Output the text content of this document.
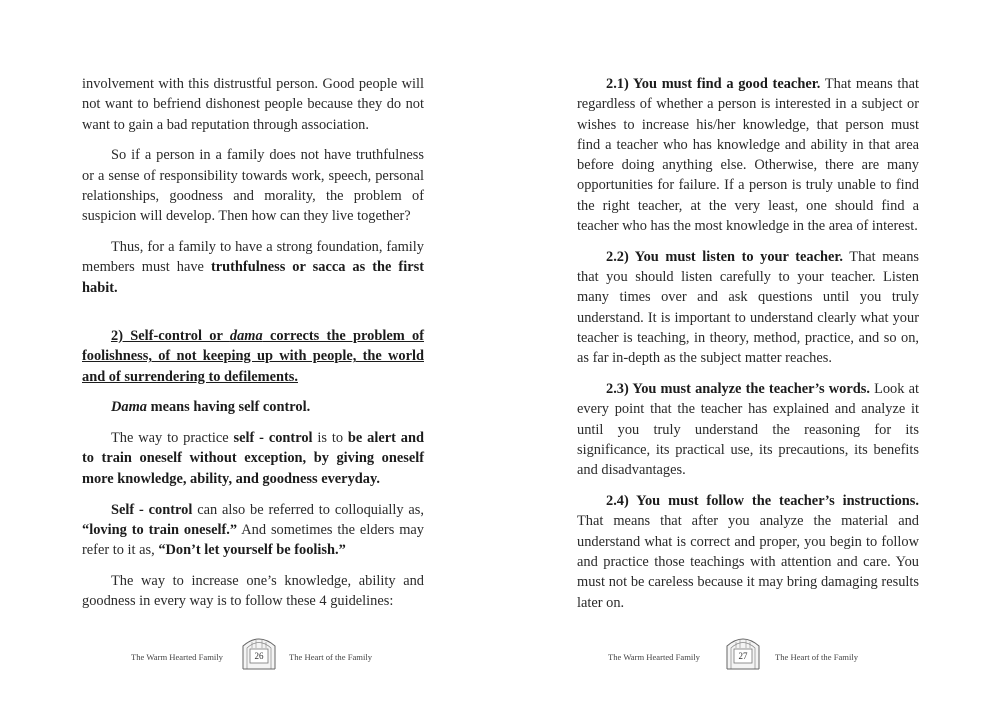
involvement with this distrustful person. Good people will not want to befriend dishonest people because they do not want to gain a bad reputation through association.

So if a person in a family does not have truthfulness or a sense of responsibility towards work, speech, personal relationships, goodness and morality, the problem of suspicion will develop. Then how can they live together?

Thus, for a family to have a strong foundation, family members must have truthfulness or sacca as the first habit.

2) Self-control or dama corrects the problem of foolishness, of not keeping up with people, the world and of surrendering to defilements.

Dama means having self control.

The way to practice self - control is to be alert and to train oneself without exception, by giving oneself more knowledge, ability, and goodness everyday.

Self - control can also be referred to colloquially as, “loving to train oneself.” And sometimes the elders may refer to it as, “Don’t let yourself be foolish.”

The way to increase one’s knowledge, ability and goodness in every way is to follow these 4 guidelines:

The Warm Hearted Family	26	The Heart of the Family

2.1) You must find a good teacher. That means that regardless of whether a person is interested in a subject or wishes to increase his/her knowledge, that person must find a teacher who has knowledge and ability in that area before doing anything else. Otherwise, there are many opportunities for failure. If a person is truly unable to find the right teacher, at the very least, one should find a teacher who has the most knowledge in the area of interest.

2.2) You must listen to your teacher. That means that you should listen carefully to your teacher. Listen many times over and ask questions until you truly understand. It is important to understand clearly what your teacher is teaching, in theory, method, practice, and so on, as far in-depth as the subject matter reaches.

2.3) You must analyze the teacher’s words. Look at every point that the teacher has explained and analyze it until you truly understand the reasoning for its significance, its practical use, its precautions, its benefits and disadvantages.

2.4) You must follow the teacher’s instructions. That means that after you analyze the material and understand what is correct and proper, you begin to follow and practice those teachings with attention and care. You must not be careless because it may bring damaging results later on.

The Warm Hearted Family	27	The Heart of the Family
